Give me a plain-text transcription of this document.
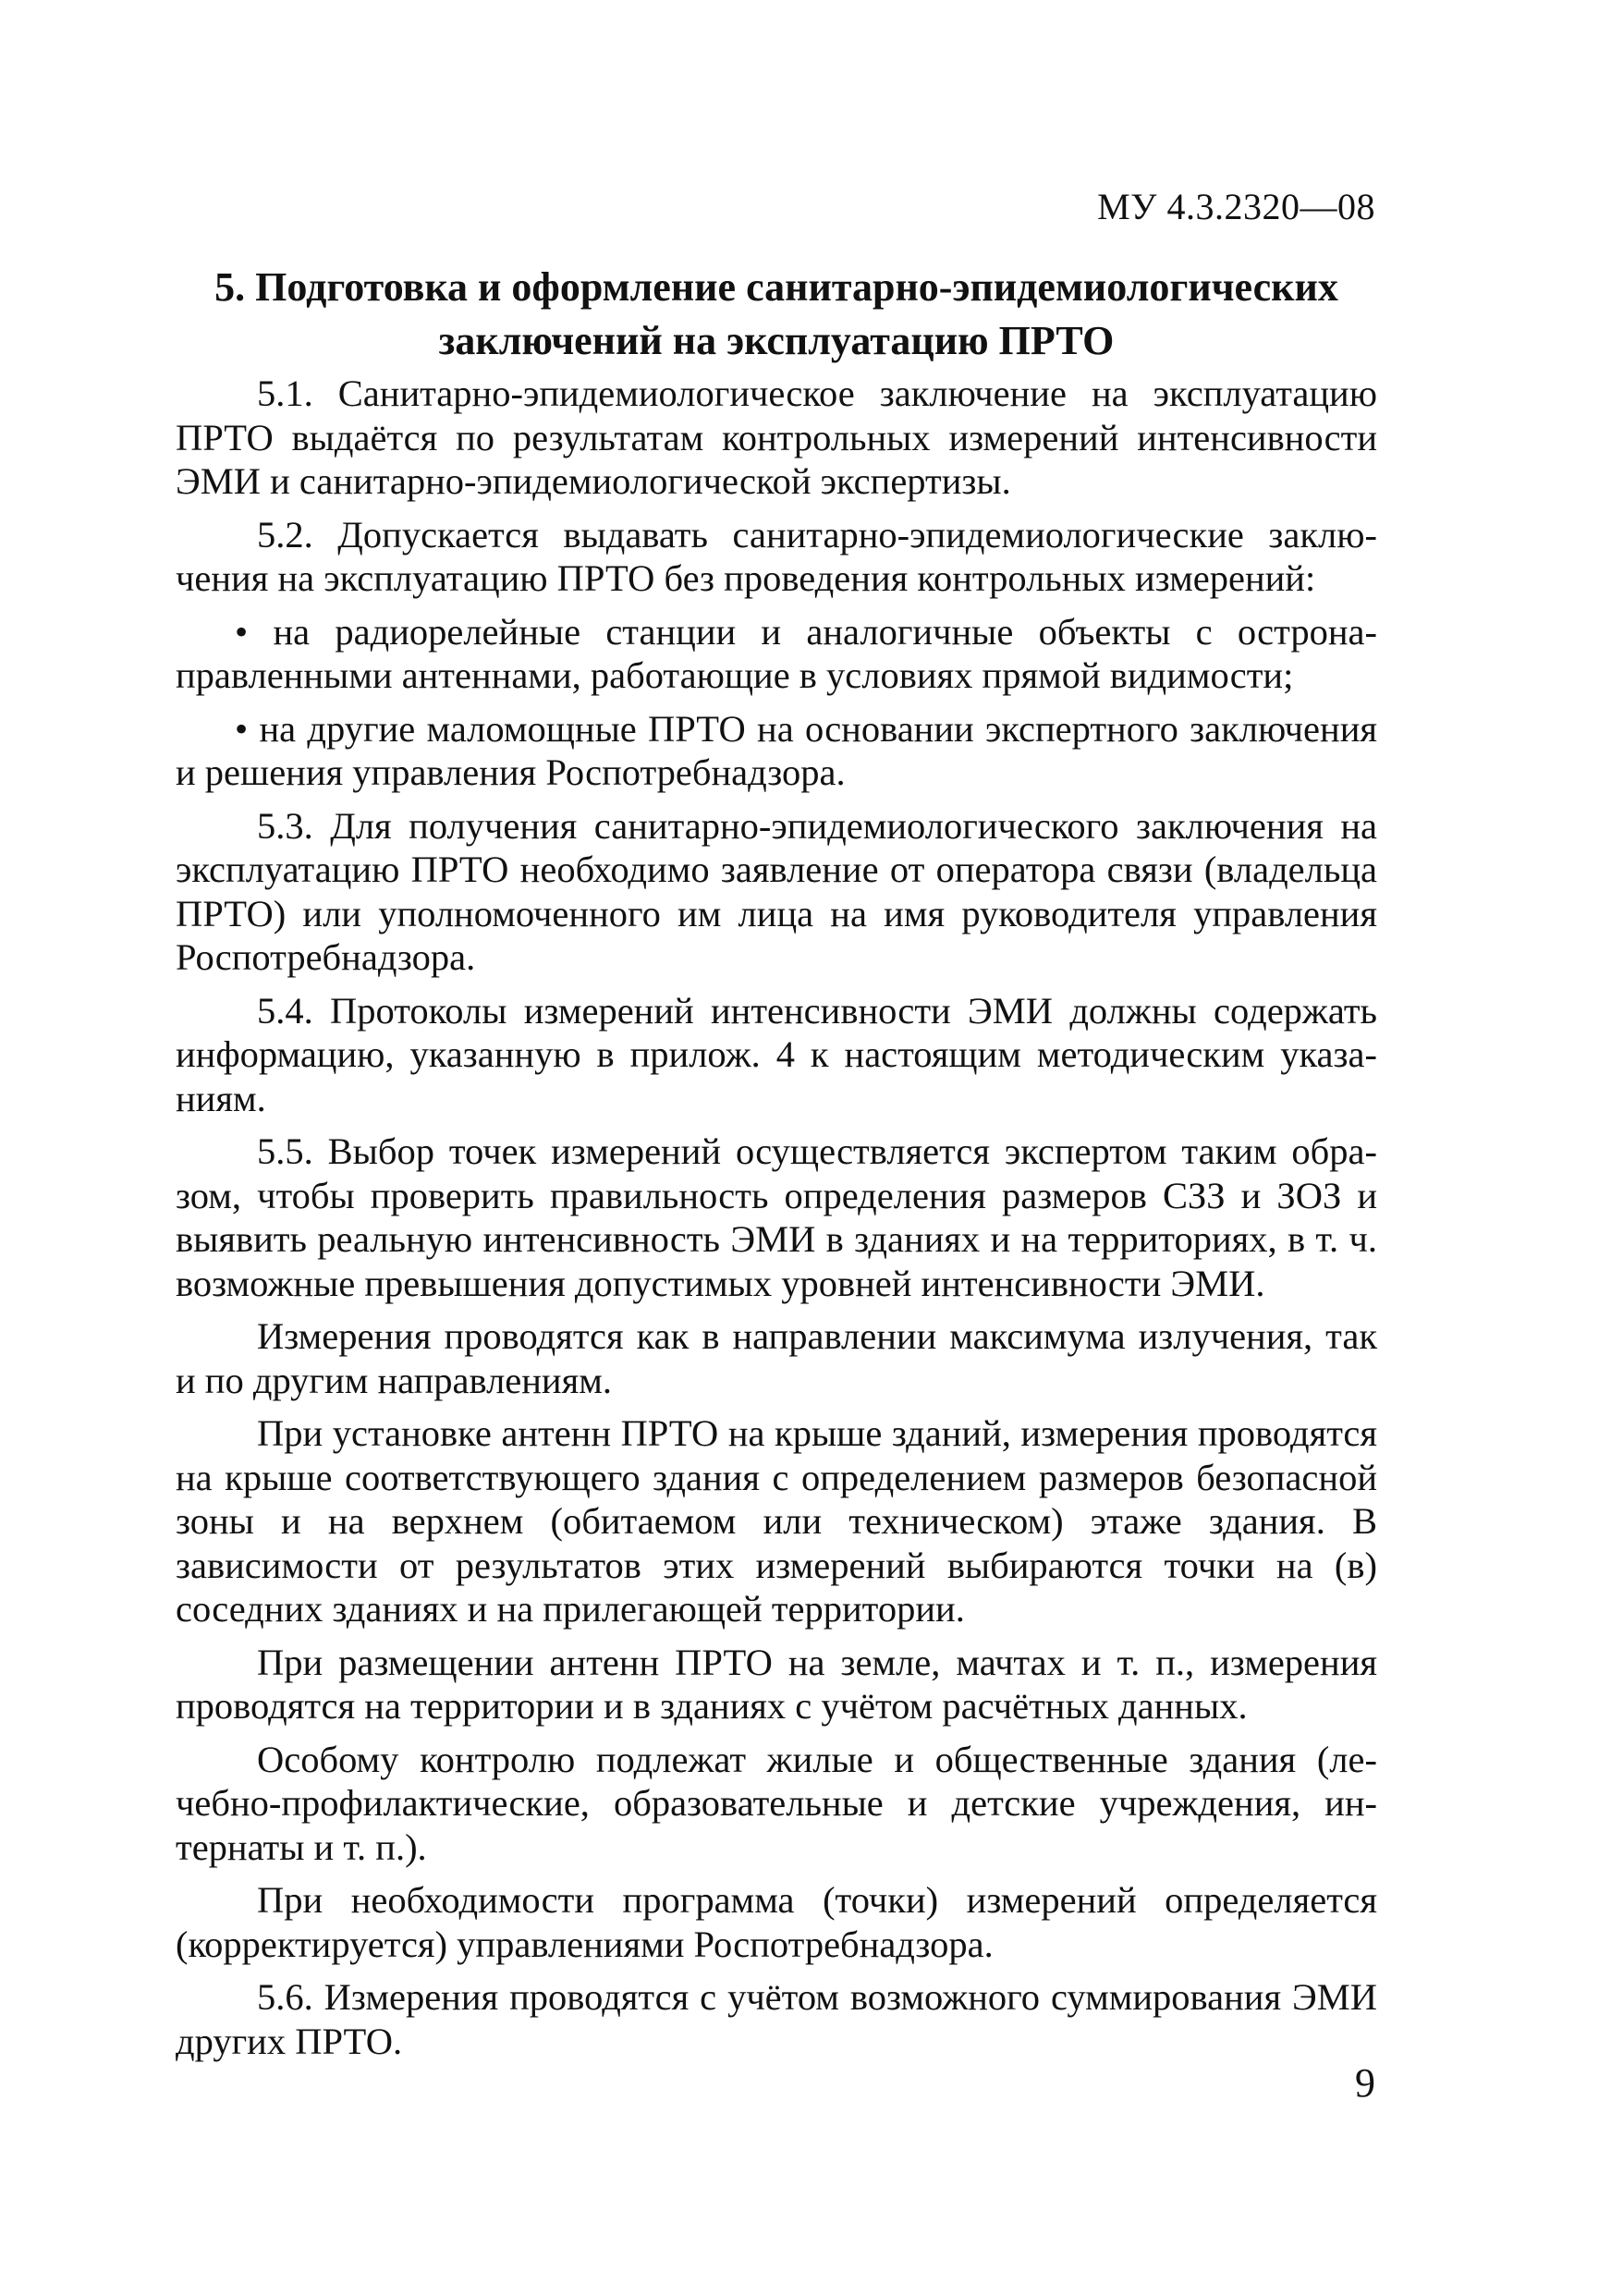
МУ 4.3.2320—08
5. Подготовка и оформление санитарно-эпидемиологических
заключений на эксплуатацию ПРТО

5.1. Санитарно-эпидемиологическое заключение на эксплуатацию ПРТО выдаётся по результатам контрольных измерений интенсивности ЭМИ и санитарно-эпидемиологической экспертизы.

5.2. Допускается выдавать санитарно-эпидемиологические заключения на эксплуатацию ПРТО без проведения контрольных измерений:

• на радиорелейные станции и аналогичные объекты с остронаправленными антеннами, работающие в условиях прямой видимости;

• на другие маломощные ПРТО на основании экспертного заключения и решения управления Роспотребнадзора.

5.3. Для получения санитарно-эпидемиологического заключения на эксплуатацию ПРТО необходимо заявление от оператора связи (владельца ПРТО) или уполномоченного им лица на имя руководителя управления Роспотребнадзора.

5.4. Протоколы измерений интенсивности ЭМИ должны содержать информацию, указанную в прилож. 4 к настоящим методическим указаниям.

5.5. Выбор точек измерений осуществляется экспертом таким образом, чтобы проверить правильность определения размеров СЗЗ и ЗОЗ и выявить реальную интенсивность ЭМИ в зданиях и на территориях, в т. ч. возможные превышения допустимых уровней интенсивности ЭМИ.

Измерения проводятся как в направлении максимума излучения, так и по другим направлениям.

При установке антенн ПРТО на крыше зданий, измерения проводятся на крыше соответствующего здания с определением размеров безопасной зоны и на верхнем (обитаемом или техническом) этаже здания. В зависимости от результатов этих измерений выбираются точки на (в) соседних зданиях и на прилегающей территории.

При размещении антенн ПРТО на земле, мачтах и т. п., измерения проводятся на территории и в зданиях с учётом расчётных данных.

Особому контролю подлежат жилые и общественные здания (лечебно-профилактические, образовательные и детские учреждения, интернаты и т. п.).

При необходимости программа (точки) измерений определяется (корректируется) управлениями Роспотребнадзора.

5.6. Измерения проводятся с учётом возможного суммирования ЭМИ других ПРТО.

9
